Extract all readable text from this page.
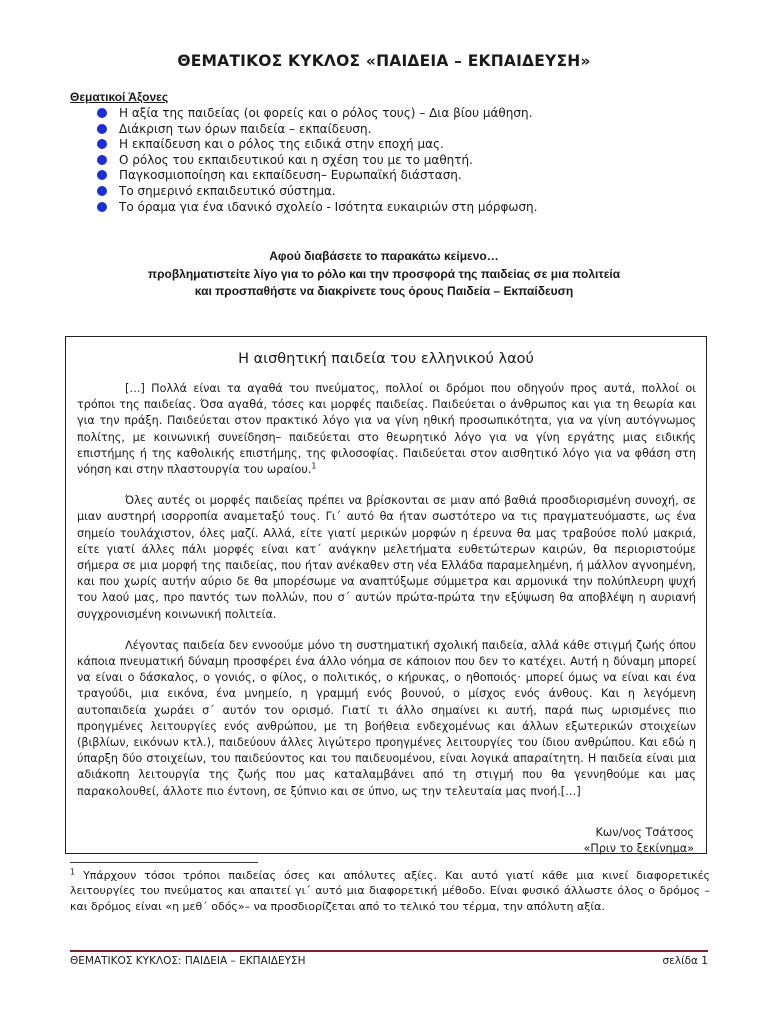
ΘΕΜΑΤΙΚΟΣ ΚΥΚΛΟΣ «ΠΑΙΔΕΙΑ – ΕΚΠΑΙΔΕΥΣΗ»
Θεματικοί Άξονες
Η αξία της παιδείας (οι φορείς και ο ρόλος τους) – Δια βίου μάθηση.
Διάκριση των όρων παιδεία – εκπαίδευση.
Η εκπαίδευση και ο ρόλος της ειδικά στην εποχή μας.
Ο ρόλος του εκπαιδευτικού και η σχέση του με το μαθητή.
Παγκοσμιοποίηση και εκπαίδευση– Ευρωπαϊκή διάσταση.
Το σημερινό εκπαιδευτικό σύστημα.
Το όραμα για ένα ιδανικό σχολείο - Ισότητα ευκαιριών στη μόρφωση.
Αφού διαβάσετε το παρακάτω κείμενο…
προβληματιστείτε λίγο για το ρόλο και την προσφορά της παιδείας σε μια πολιτεία
και προσπαθήστε να διακρίνετε τους όρους Παιδεία – Εκπαίδευση
Η αισθητική παιδεία του ελληνικού λαού

[…] Πολλά είναι τα αγαθά του πνεύματος, πολλοί οι δρόμοι που οδηγούν προς αυτά, πολλοί οι τρόποι της παιδείας. Όσα αγαθά, τόσες και μορφές παιδείας. Παιδεύεται ο άνθρωπος και για τη θεωρία και για την πράξη. Παιδεύεται στον πρακτικό λόγο για να γίνη ηθική προσωπικότητα, για να γίνη αυτόγνωμος πολίτης, με κοινωνική συνείδηση– παιδεύεται στο θεωρητικό λόγο για να γίνη εργάτης μιας ειδικής επιστήμης ή της καθολικής επιστήμης, της φιλοσοφίας. Παιδεύεται στον αισθητικό λόγο για να φθάση στη νόηση και στην πλαστουργία του ωραίου.$^1$

Όλες αυτές οι μορφές παιδείας πρέπει να βρίσκονται σε μιαν από βαθιά προσδιορισμένη συνοχή, σε μιαν αυστηρή ισορροπία αναμεταξύ τους. Γι΄ αυτό θα ήταν σωστότερο να τις πραγματευόμαστε, ως ένα σημείο τουλάχιστον, όλες μαζί. Αλλά, είτε γιατί μερικών μορφών η έρευνα θα μας τραβούσε πολύ μακριά, είτε γιατί άλλες πάλι μορφές είναι κατ΄ ανάγκην μελετήματα ευθετώτερων καιρών, θα περιοριστούμε σήμερα σε μια μορφή της παιδείας, που ήταν ανέκαθεν στη νέα Ελλάδα παραμελημένη, ή μάλλον αγνοημένη, και που χωρίς αυτήν αύριο δε θα μπορέσωμε να αναπτύξωμε σύμμετρα και αρμονικά την πολύπλευρη ψυχή του λαού μας, προ παντός των πολλών, που σ΄ αυτών πρώτα-πρώτα την εξύψωση θα αποβλέψη η αυριανή συγχρονισμένη κοινωνική πολιτεία.

Λέγοντας παιδεία δεν εννοούμε μόνο τη συστηματική σχολική παιδεία, αλλά κάθε στιγμή ζωής όπου κάποια πνευματική δύναμη προσφέρει ένα άλλο νόημα σε κάποιον που δεν το κατέχει. Αυτή η δύναμη μπορεί να είναι ο δάσκαλος, ο γονιός, ο φίλος, ο πολιτικός, ο κήρυκας, ο ηθοποιός· μπορεί όμως να είναι και ένα τραγούδι, μια εικόνα, ένα μνημείο, η γραμμή ενός βουνού, ο μίσχος ενός άνθους. Και η λεγόμενη αυτοπαιδεία χωράει σ΄ αυτόν τον ορισμό. Γιατί τι άλλο σημαίνει κι αυτή, παρά πως ωρισμένες πιο προηγμένες λειτουργίες ενός ανθρώπου, με τη βοήθεια ενδεχομένως και άλλων εξωτερικών στοιχείων (βιβλίων, εικόνων κτλ.), παιδεύουν άλλες λιγώτερο προηγμένες λειτουργίες του ίδιου ανθρώπου. Και εδώ η ύπαρξη δύο στοιχείων, του παιδεύοντος και του παιδευομένου, είναι λογικά απαραίτητη. Η παιδεία είναι μια αδιάκοπη λειτουργία της ζωής που μας καταλαμβάνει από τη στιγμή που θα γεννηθούμε και μας παρακολουθεί, άλλοτε πιο έντονη, σε ξύπνιο και σε ύπνο, ως την τελευταία μας πνοή.[…]

Κων/νος Τσάτσος
«Πριν το ξεκίνημα»

$^1$ Υπάρχουν τόσοι τρόποι παιδείας όσες και απόλυτες αξίες. Και αυτό γιατί κάθε μια κινεί διαφορετικές λειτουργίες του πνεύματος και απαιτεί γι΄ αυτό μια διαφορετική μέθοδο. Είναι φυσικό άλλωστε όλος ο δρόμος –και δρόμος είναι «η μεθ΄ οδός»– να προσδιορίζεται από το τελικό του τέρμα, την απόλυτη αξία.

ΘΕΜΑΤΙΚΟΣ ΚΥΚΛΟΣ: ΠΑΙΔΕΙΑ – ΕΚΠΑΙΔΕΥΣΗ	σελίδα 1
